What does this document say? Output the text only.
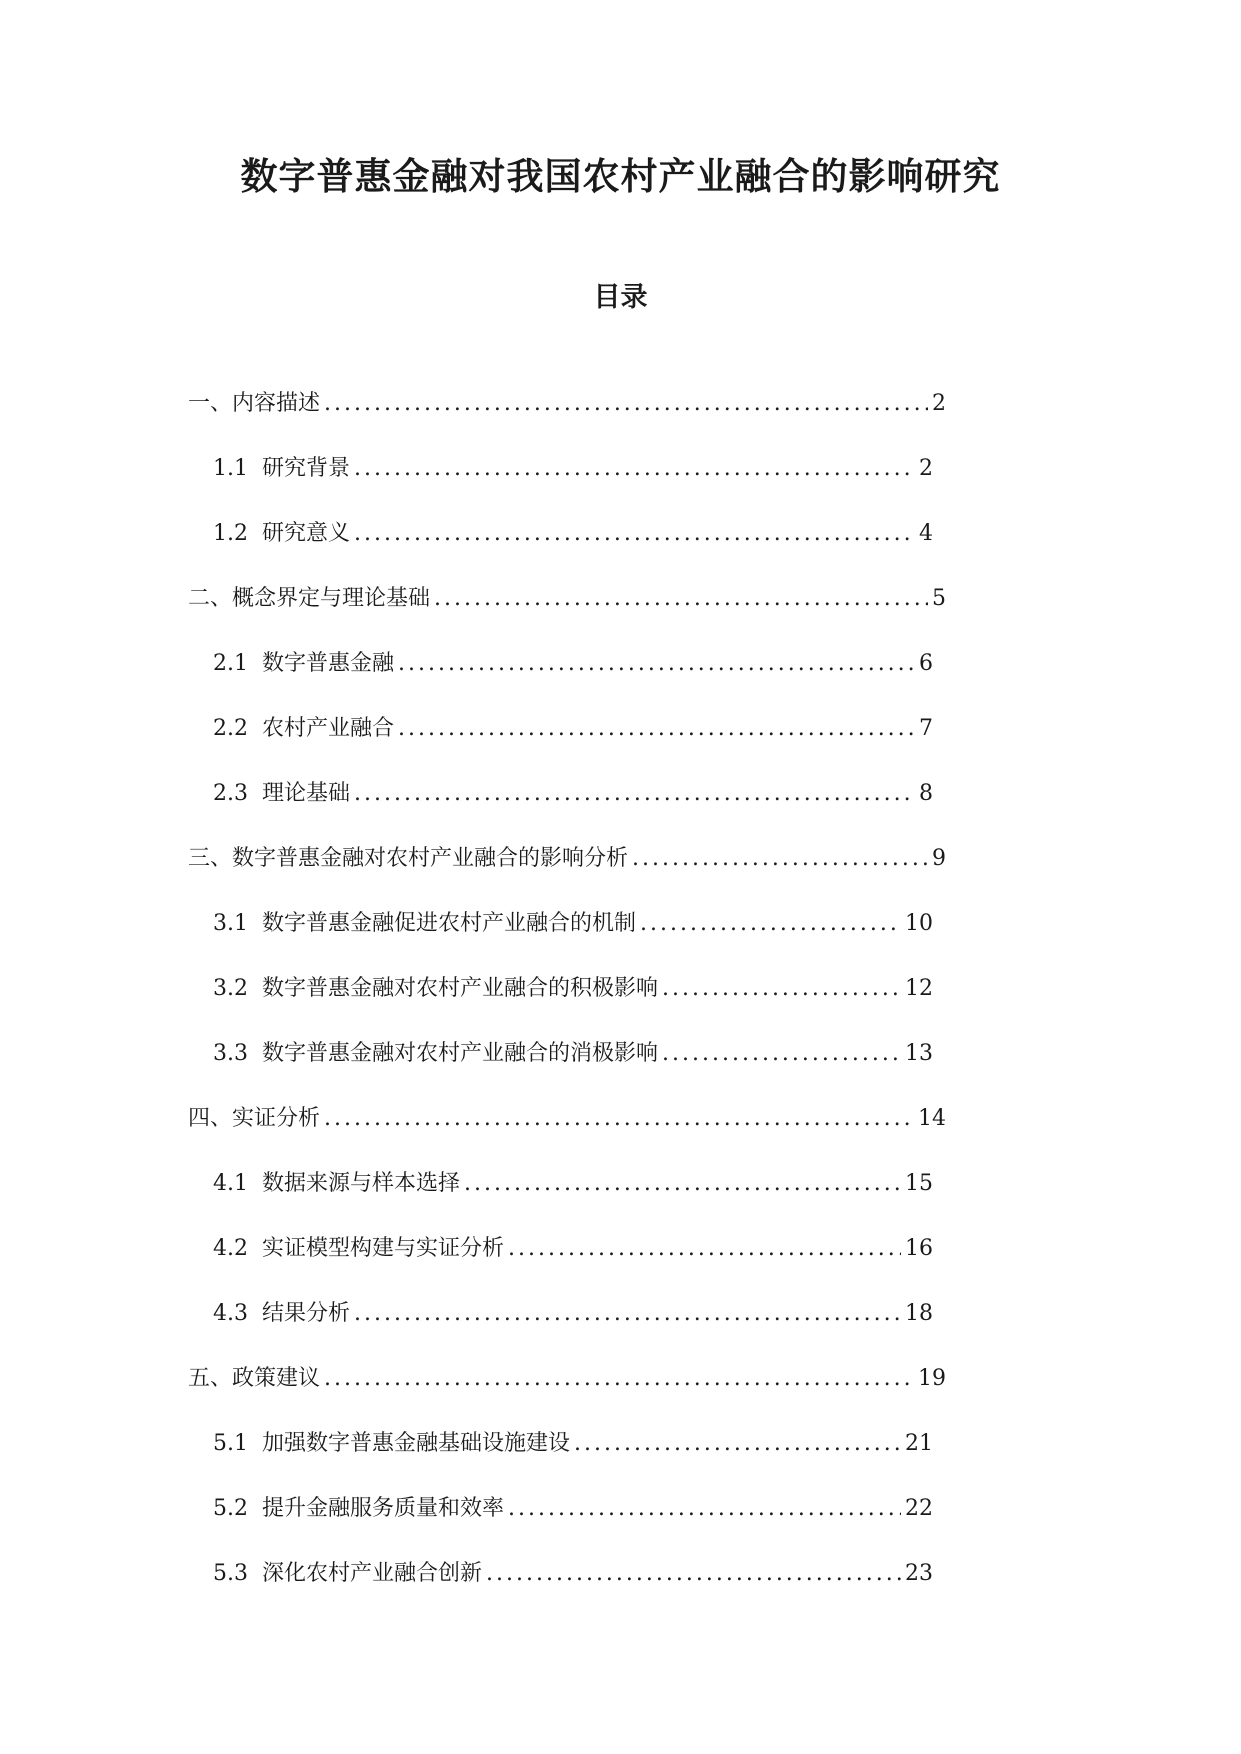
数字普惠金融对我国农村产业融合的影响研究
目录
一、内容描述 .....	2
1.1 研究背景 .....	2
1.2 研究意义 .....	4
二、概念界定与理论基础 .....	5
2.1 数字普惠金融 .....	6
2.2 农村产业融合 .....	7
2.3 理论基础 .....	8
三、数字普惠金融对农村产业融合的影响分析 .....	9
3.1 数字普惠金融促进农村产业融合的机制 .....	10
3.2 数字普惠金融对农村产业融合的积极影响 .....	12
3.3 数字普惠金融对农村产业融合的消极影响 .....	13
四、实证分析 .....	14
4.1 数据来源与样本选择 .....	15
4.2 实证模型构建与实证分析 .....	16
4.3 结果分析 .....	18
五、政策建议 .....	19
5.1 加强数字普惠金融基础设施建设 .....	21
5.2 提升金融服务质量和效率 .....	22
5.3 深化农村产业融合创新 .....	23
